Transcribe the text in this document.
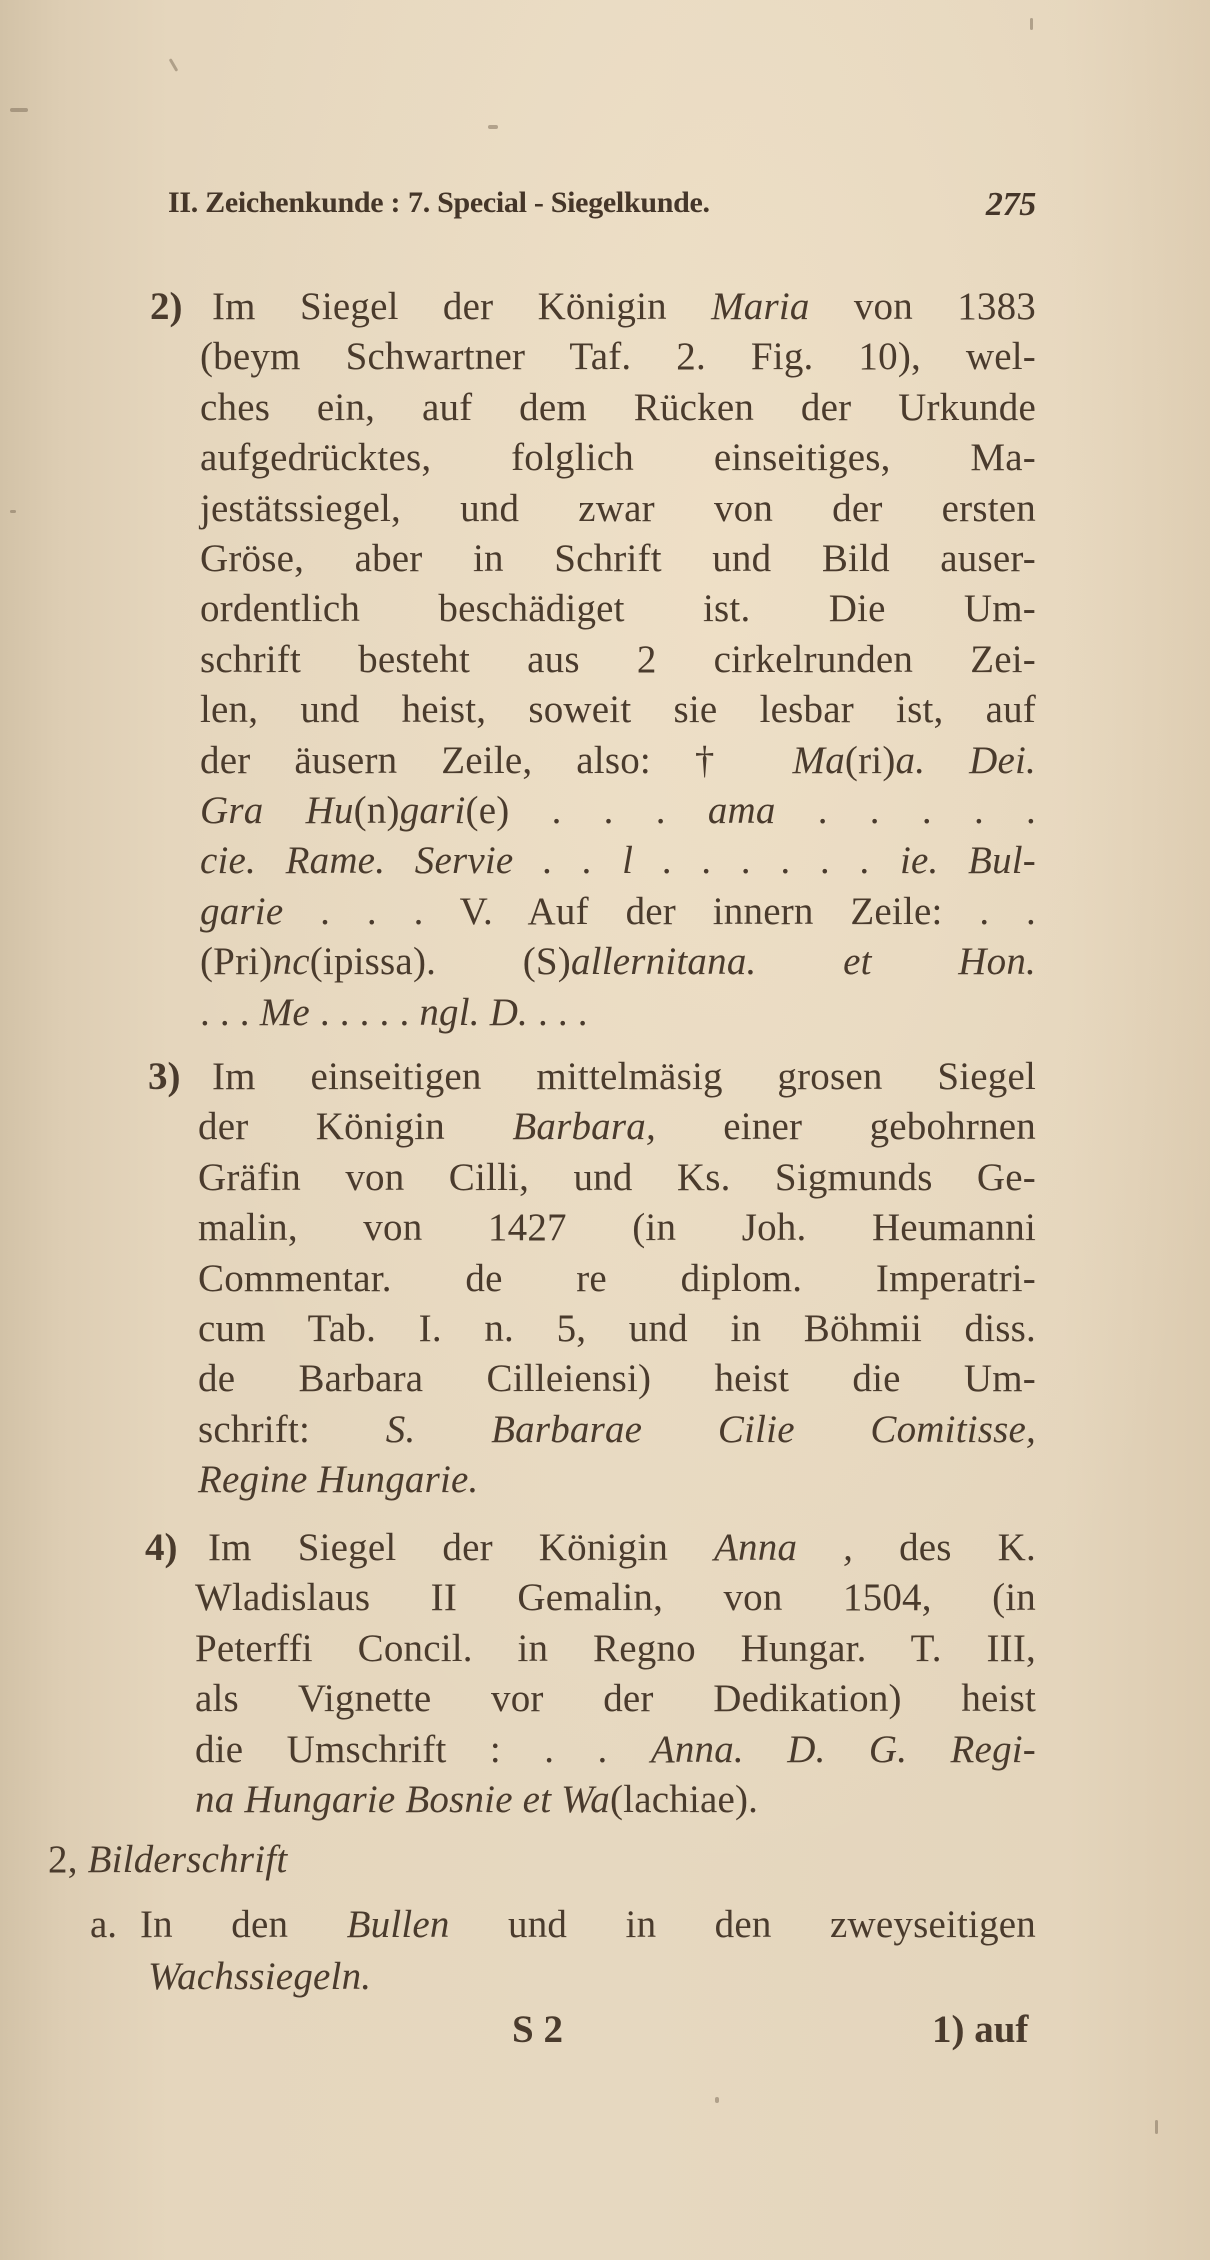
II. Zeichenkunde : 7. Special - Siegelkunde.	275
2) Im Siegel der Königin Maria von 1383
(beym Schwartner Taf. 2. Fig. 10), wel-
ches ein, auf dem Rücken der Urkunde
aufgedrücktes, folglich einseitiges, Ma-
jestätssiegel, und zwar von der ersten
Gröse, aber in Schrift und Bild auser-
ordentlich beschädiget ist. Die Um-
schrift besteht aus 2 cirkelrunden Zei-
len, und heist, soweit sie lesbar ist, auf
der äusern Zeile, also: † Ma(ri)a. Dei.
Gra Hu(n)gari(e) . . . ama . . . . .
cie. Rame. Servie . . l . . . . . . ie. Bul-
garie . . . V. Auf der innern Zeile: . .
(Pri)nc(ipissa). (S)allernitana. et Hon.
. . . Me . . . . . ngl. D. . . .
3) Im einseitigen mittelmäsig grosen Siegel
der Königin Barbara, einer gebohrnen
Gräfin von Cilli, und Ks. Sigmunds Ge-
malin, von 1427 (in Joh. Heumanni
Commentar. de re diplom. Imperatri-
cum Tab. I. n. 5, und in Böhmii diss.
de Barbara Cilleiensi) heist die Um-
schrift: S. Barbarae Cilie Comitisse,
Regine Hungarie.
4) Im Siegel der Königin Anna , des K.
Wladislaus II Gemalin, von 1504, (in
Peterffi Concil. in Regno Hungar. T. III,
als Vignette vor der Dedikation) heist
die Umschrift : . . Anna. D. G. Regi-
na Hungarie Bosnie et Wa(lachiae).
2, Bilderschrift
a. In den Bullen und in den zweyseitigen
Wachssiegeln.
S 2	1) auf
